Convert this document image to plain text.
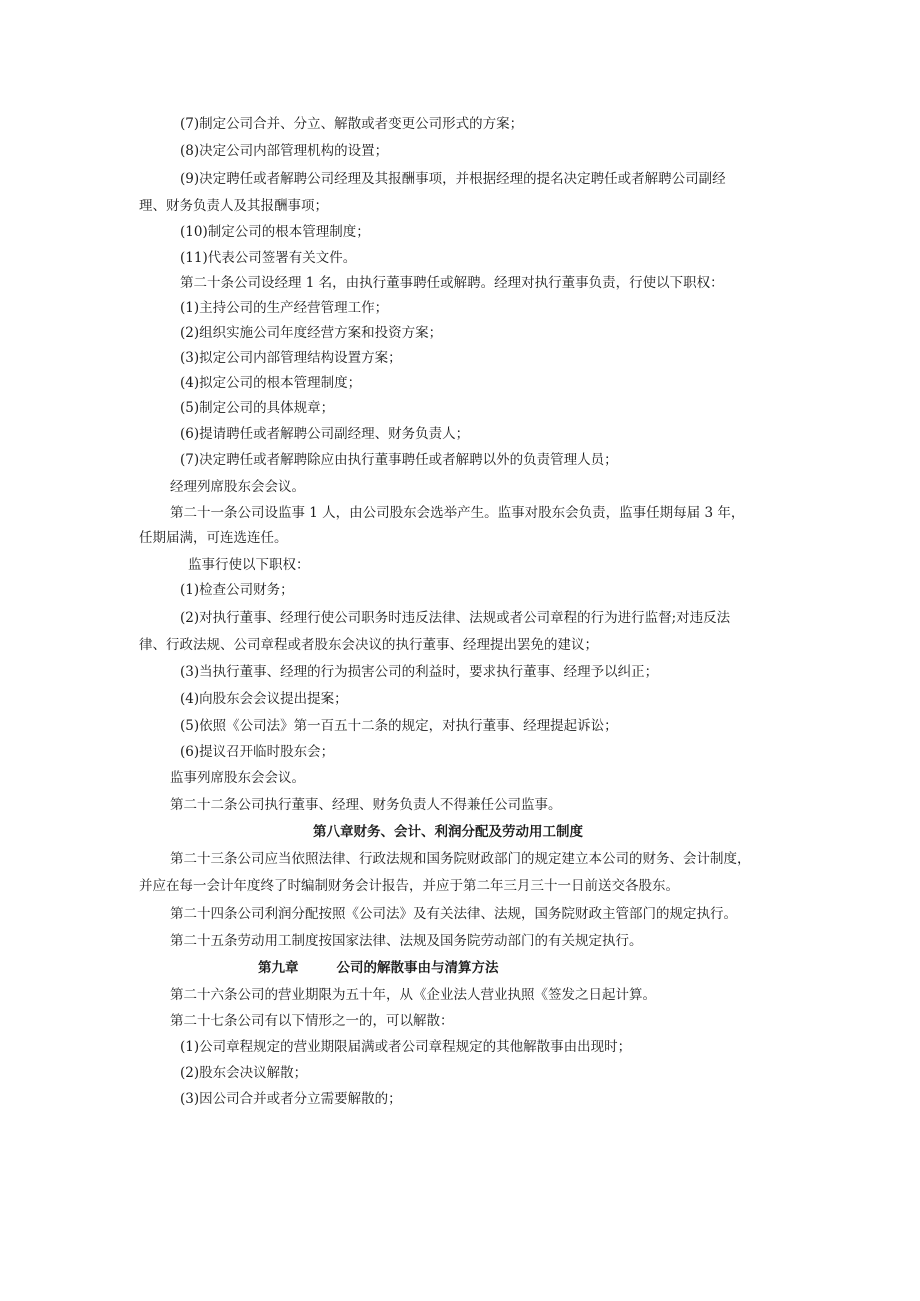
(7)制定公司合并、分立、解散或者变更公司形式的方案；
(8)决定公司内部管理机构的设置；
(9)决定聘任或者解聘公司经理及其报酬事项，并根据经理的提名决定聘任或者解聘公司副经
理、财务负责人及其报酬事项；
(10)制定公司的根本管理制度；
(11)代表公司签署有关文件。
第二十条公司设经理 1 名，由执行董事聘任或解聘。经理对执行董事负责，行使以下职权：
(1)主持公司的生产经营管理工作；
(2)组织实施公司年度经营方案和投资方案；
(3)拟定公司内部管理结构设置方案；
(4)拟定公司的根本管理制度；
(5)制定公司的具体规章；
(6)提请聘任或者解聘公司副经理、财务负责人；
(7)决定聘任或者解聘除应由执行董事聘任或者解聘以外的负责管理人员；
经理列席股东会会议。
第二十一条公司设监事 1 人，由公司股东会选举产生。监事对股东会负责，监事任期每届 3 年，
任期届满，可连选连任。
监事行使以下职权：
(1)检查公司财务；
(2)对执行董事、经理行使公司职务时违反法律、法规或者公司章程的行为进行监督;对违反法
律、行政法规、公司章程或者股东会决议的执行董事、经理提出罢免的建议；
(3)当执行董事、经理的行为损害公司的利益时，要求执行董事、经理予以纠正；
(4)向股东会会议提出提案；
(5)依照《公司法》第一百五十二条的规定，对执行董事、经理提起诉讼；
(6)提议召开临时股东会；
监事列席股东会会议。
第二十二条公司执行董事、经理、财务负责人不得兼任公司监事。
第八章财务、会计、利润分配及劳动用工制度
第二十三条公司应当依照法律、行政法规和国务院财政部门的规定建立本公司的财务、会计制度，
并应在每一会计年度终了时编制财务会计报告，并应于第二年三月三十一日前送交各股东。
第二十四条公司利润分配按照《公司法》及有关法律、法规，国务院财政主管部门的规定执行。
第二十五条劳动用工制度按国家法律、法规及国务院劳动部门的有关规定执行。
第九章	公司的解散事由与清算方法
第二十六条公司的营业期限为五十年，从《企业法人营业执照《签发之日起计算。
第二十七条公司有以下情形之一的，可以解散：
(1)公司章程规定的营业期限届满或者公司章程规定的其他解散事由出现时；
(2)股东会决议解散；
(3)因公司合并或者分立需要解散的；
